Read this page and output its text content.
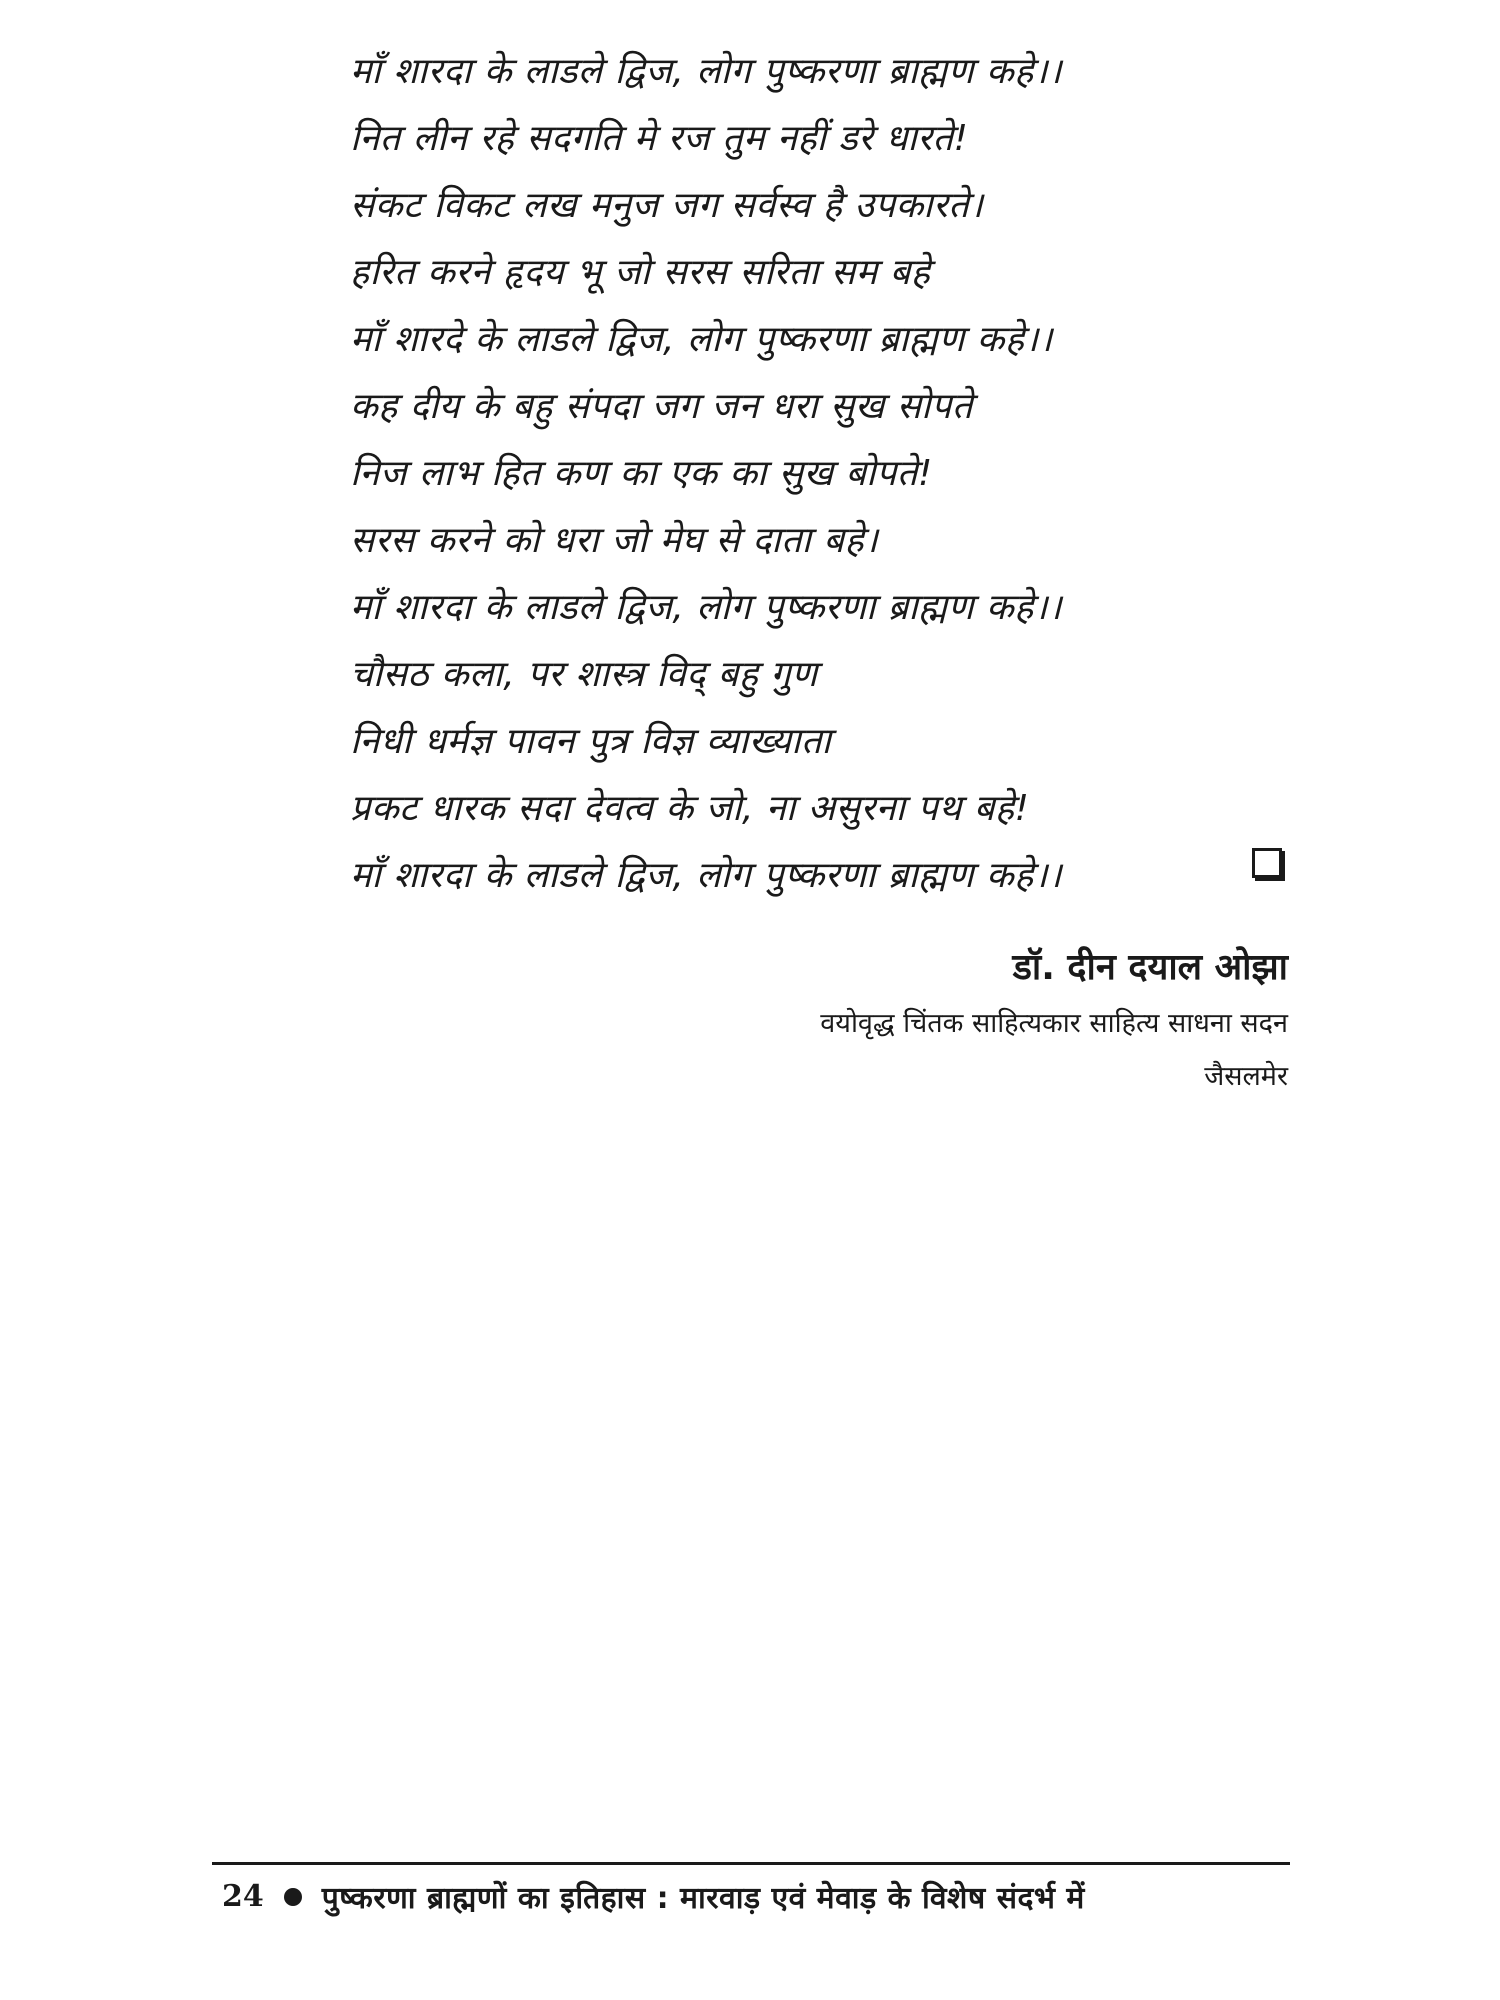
माँ शारदा के लाडले द्विज, लोग पुष्करणा ब्राह्मण कहे।।
नित लीन रहे सदगति मे रज तुम नहीं डरे धारते!
संकट विकट लख मनुज जग सर्वस्व है उपकारते।
हरित करने हृदय भू जो सरस सरिता सम बहे
माँ शारदे के लाडले द्विज, लोग पुष्करणा ब्राह्मण कहे।।
कह दीय के बहु संपदा जग जन धरा सुख सोपते
निज लाभ हित कण का एक का सुख बोपते!
सरस करने को धरा जो मेघ से दाता बहे।
माँ शारदा के लाडले द्विज, लोग पुष्करणा ब्राह्मण कहे।।
चौसठ कला, पर शास्त्र विद् बहु गुण
निधी धर्मज्ञ पावन पुत्र विज्ञ व्याख्याता
प्रकट धारक सदा देवत्व के जो, ना असुरना पथ बहे!
माँ शारदा के लाडले द्विज, लोग पुष्करणा ब्राह्मण कहे।।
डॉ. दीन दयाल ओझा
वयोवृद्ध चिंतक साहित्यकार साहित्य साधना सदन
जैसलमेर
24 पुष्करणा ब्राह्मणों का इतिहास : मारवाड़ एवं मेवाड़ के विशेष संदर्भ में
